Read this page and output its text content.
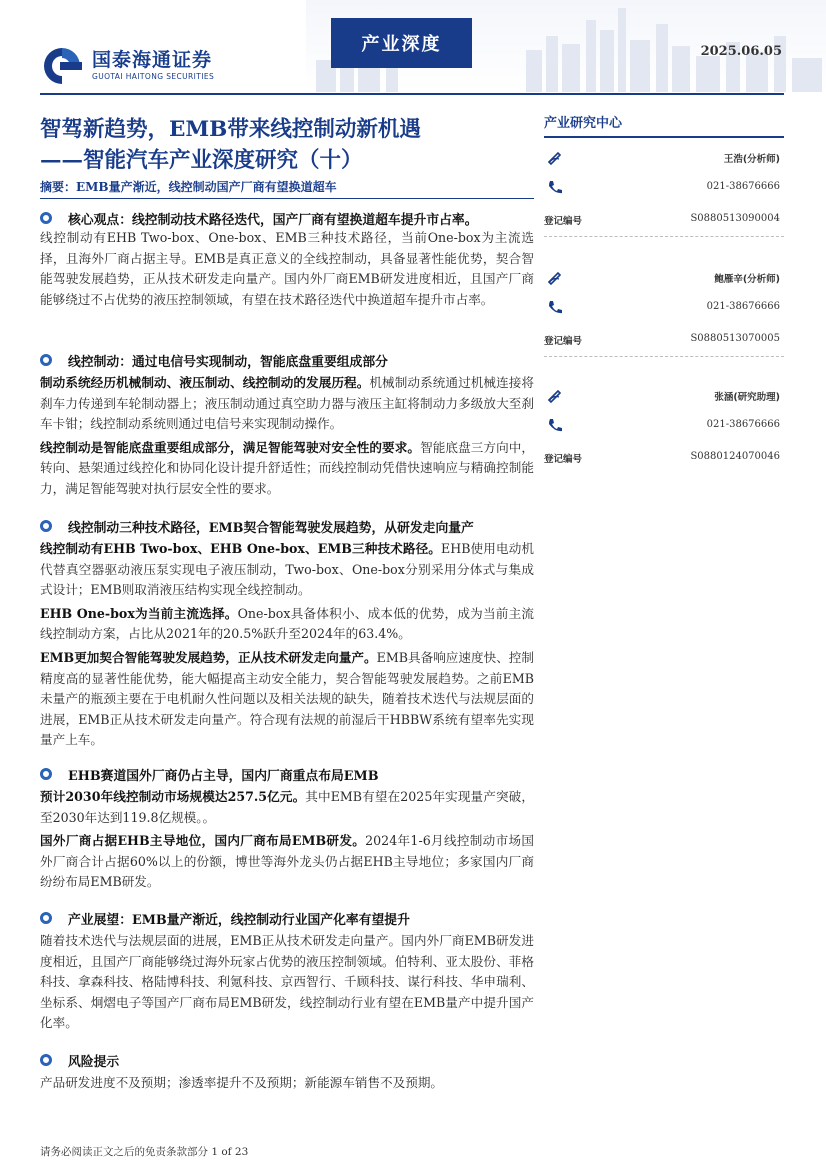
国泰海通证券
GUOTAI HAITONG SECURITIES
产业深度	2025.06.05
智驾新趋势，EMB带来线控制动新机遇
——智能汽车产业深度研究（十）
摘要：EMB量产渐近，线控制动国产厂商有望换道超车
核心观点：线控制动技术路径迭代，国产厂商有望换道超车提升市占率。

线控制动有EHB Two-box、One-box、EMB三种技术路径，当前One-box为主流选择，且海外厂商占据主导。EMB是真正意义的全线控制动，具备显著性能优势，契合智能驾驶发展趋势，正从技术研发走向量产。国内外厂商EMB研发进度相近，且国产厂商能够绕过不占优势的液压控制领域，有望在技术路径迭代中换道超车提升市占率。

线控制动：通过电信号实现制动，智能底盘重要组成部分

制动系统经历机械制动、液压制动、线控制动的发展历程。机械制动系统通过机械连接将刹车力传递到车轮制动器上；液压制动通过真空助力器与液压主缸将制动力多级放大至刹车卡钳；线控制动系统则通过电信号来实现制动操作。

线控制动是智能底盘重要组成部分，满足智能驾驶对安全性的要求。智能底盘三方向中，转向、悬架通过线控化和协同化设计提升舒适性；而线控制动凭借快速响应与精确控制能力，满足智能驾驶对执行层安全性的要求。

线控制动三种技术路径，EMB契合智能驾驶发展趋势，从研发走向量产

线控制动有EHB Two-box、EHB One-box、EMB三种技术路径。EHB使用电动机代替真空器驱动液压泵实现电子液压制动，Two-box、One-box分别采用分体式与集成式设计；EMB则取消液压结构实现全线控制动。

EHB One-box为当前主流选择。One-box具备体积小、成本低的优势，成为当前主流线控制动方案，占比从2021年的20.5%跃升至2024年的63.4%。

EMB更加契合智能驾驶发展趋势，正从技术研发走向量产。EMB具备响应速度快、控制精度高的显著性能优势，能大幅提高主动安全能力，契合智能驾驶发展趋势。之前EMB未量产的瓶颈主要在于电机耐久性问题以及相关法规的缺失，随着技术迭代与法规层面的进展，EMB正从技术研发走向量产。符合现有法规的前湿后干HBBW系统有望率先实现量产上车。

EHB赛道国外厂商仍占主导，国内厂商重点布局EMB

预计2030年线控制动市场规模达257.5亿元。其中EMB有望在2025年实现量产突破，至2030年达到119.8亿规模。。

国外厂商占据EHB主导地位，国内厂商布局EMB研发。2024年1-6月线控制动市场国外厂商合计占据60%以上的份额，博世等海外龙头仍占据EHB主导地位；多家国内厂商纷纷布局EMB研发。

产业展望：EMB量产渐近，线控制动行业国产化率有望提升

随着技术迭代与法规层面的进展，EMB正从技术研发走向量产。国内外厂商EMB研发进度相近，且国产厂商能够绕过海外玩家占优势的液压控制领域。伯特利、亚太股份、菲格科技、拿森科技、格陆博科技、利氪科技、京西智行、千顾科技、谋行科技、华申瑞利、坐标系、炯熠电子等国产厂商布局EMB研发，线控制动行业有望在EMB量产中提升国产化率。

风险提示

产品研发进度不及预期；渗透率提升不及预期；新能源车销售不及预期。

产业研究中心
王浩(分析师)
021-38676666
登记编号	S0880513090004
鲍雁辛(分析师)
021-38676666
登记编号	S0880513070005
张涵(研究助理)
021-38676666
登记编号	S0880124070046
请务必阅读正文之后的免责条款部分 1 of 23
